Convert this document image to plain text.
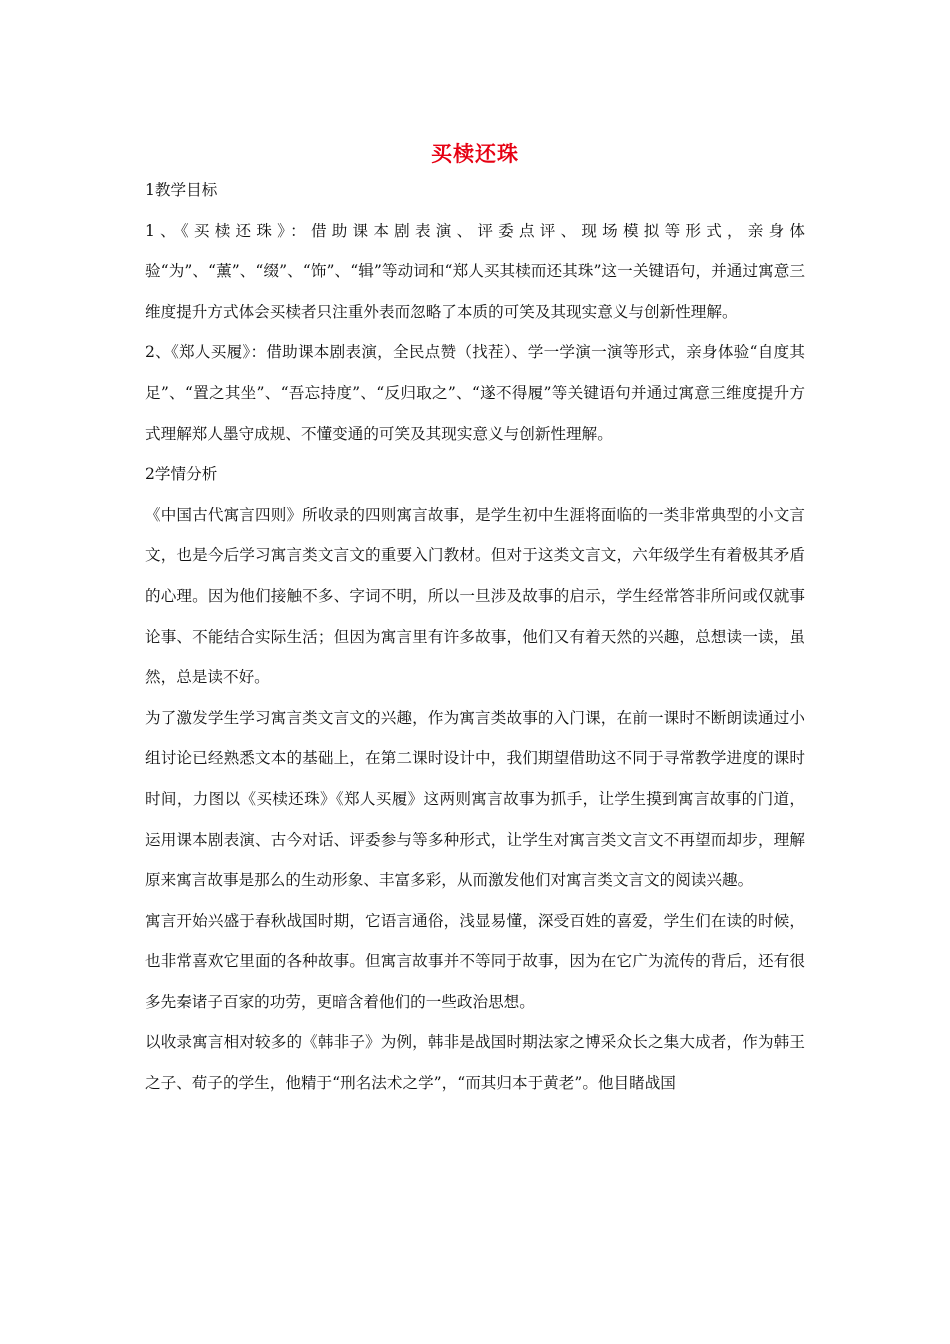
买椟还珠

1教学目标

1、《买椟还珠》：借助课本剧表演、评委点评、现场模拟等形式，亲身体验“为”、“薰”、“缀”、“饰”、“辑”等动词和“郑人买其椟而还其珠”这一关键语句，并通过寓意三维度提升方式体会买椟者只注重外表而忽略了本质的可笑及其现实意义与创新性理解。

2、《郑人买履》：借助课本剧表演，全民点赞（找茬）、学一学演一演等形式，亲身体验“自度其足”、“置之其坐”、“吾忘持度”、“反归取之”、“遂不得履”等关键语句并通过寓意三维度提升方式理解郑人墨守成规、不懂变通的可笑及其现实意义与创新性理解。

2学情分析

《中国古代寓言四则》所收录的四则寓言故事，是学生初中生涯将面临的一类非常典型的小文言文，也是今后学习寓言类文言文的重要入门教材。但对于这类文言文，六年级学生有着极其矛盾的心理。因为他们接触不多、字词不明，所以一旦涉及故事的启示，学生经常答非所问或仅就事论事、不能结合实际生活；但因为寓言里有许多故事，他们又有着天然的兴趣，总想读一读，虽然，总是读不好。

为了激发学生学习寓言类文言文的兴趣，作为寓言类故事的入门课，在前一课时不断朗读通过小组讨论已经熟悉文本的基础上，在第二课时设计中，我们期望借助这不同于寻常教学进度的课时时间，力图以《买椟还珠》《郑人买履》这两则寓言故事为抓手，让学生摸到寓言故事的门道，运用课本剧表演、古今对话、评委参与等多种形式，让学生对寓言类文言文不再望而却步，理解原来寓言故事是那么的生动形象、丰富多彩，从而激发他们对寓言类文言文的阅读兴趣。

寓言开始兴盛于春秋战国时期，它语言通俗，浅显易懂，深受百姓的喜爱，学生们在读的时候，也非常喜欢它里面的各种故事。但寓言故事并不等同于故事，因为在它广为流传的背后，还有很多先秦诸子百家的功劳，更暗含着他们的一些政治思想。

以收录寓言相对较多的《韩非子》为例，韩非是战国时期法家之博采众长之集大成者，作为韩王之子、荀子的学生，他精于“刑名法术之学”，“而其归本于黄老”。他目睹战国
